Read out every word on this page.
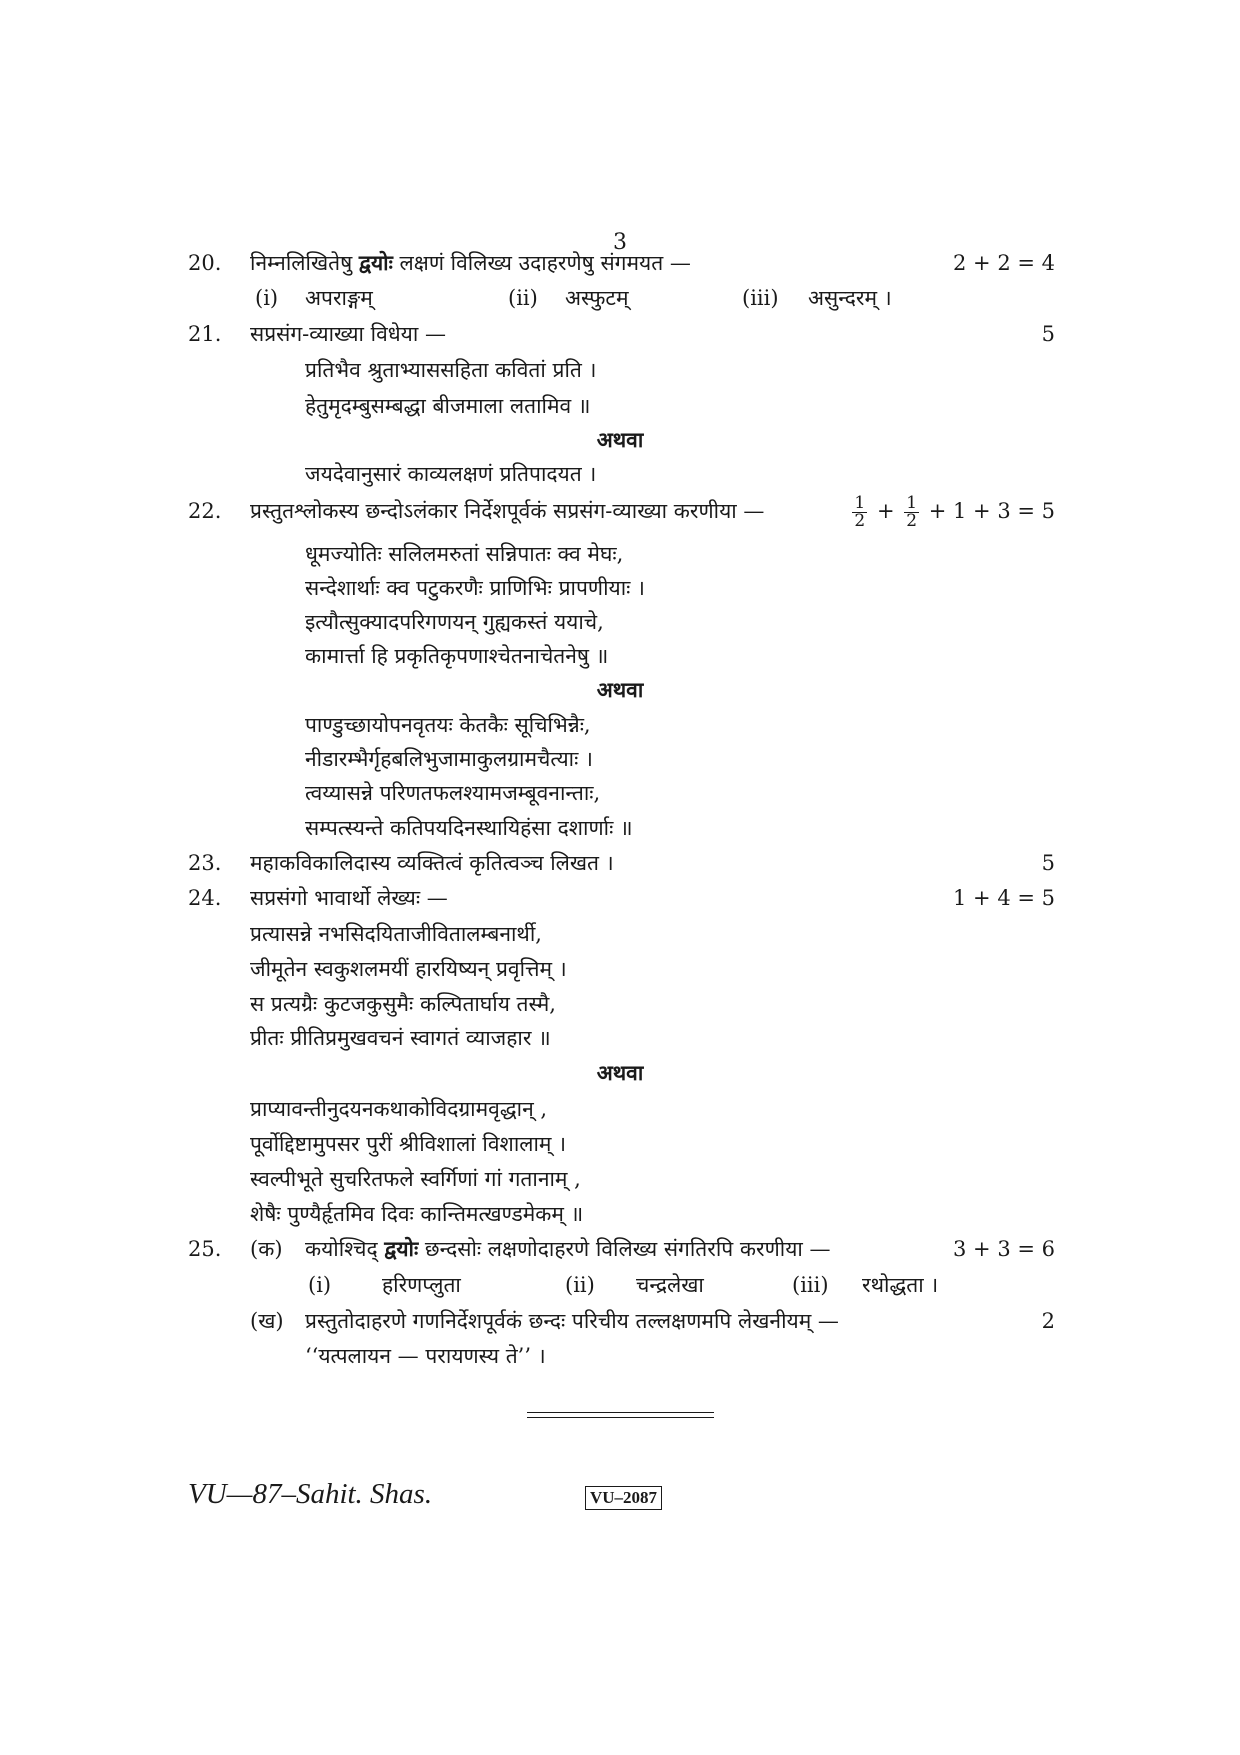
3
20. निम्नलिखितेषु द्वयोः लक्षणं विलिख्य उदाहरणेषु संगमयत —	2 + 2 = 4
(i) अपराङ्गम्	(ii) अस्फुटम्	(iii) असुन्दरम् ।
21. सप्रसंग-व्याख्या विधेया —	5
प्रतिभैव श्रुताभ्याससहिता कवितां प्रति ।
हेतुमृदम्बुसम्बद्धा बीजमाला लतामिव ॥
अथवा
जयदेवानुसारं काव्यलक्षणं प्रतिपादयत ।
22. प्रस्तुतश्लोकस्य छन्दोऽलंकार निर्देशपूर्वकं सप्रसंग-व्याख्या करणीया —	$\frac{1}{2} + \frac{1}{2} + 1 + 3 = 5$
धूमज्योतिः सलिलमरुतां सन्निपातः क्व मेघः,
सन्देशार्थाः क्व पटुकरणैः प्राणिभिः प्रापणीयाः ।
इत्यौत्सुक्यादपरिगणयन् गुह्यकस्तं ययाचे,
कामार्त्ता हि प्रकृतिकृपणाश्चेतनाचेतनेषु ॥
अथवा
पाण्डुच्छायोपनवृतयः केतकैः सूचिभिन्नैः,
नीडारम्भैर्गृहबलिभुजामाकुलग्रामचैत्याः ।
त्वय्यासन्ने परिणतफलश्यामजम्बूवनान्ताः,
सम्पत्स्यन्ते कतिपयदिनस्थायिहंसा दशार्णाः ॥
23. महाकविकालिदास्य व्यक्तित्वं कृतित्वञ्च लिखत ।	5
24. सप्रसंगो भावार्थो लेख्यः —	1 + 4 = 5
प्रत्यासन्ने नभसिदयिताजीवितालम्बनार्थी,
जीमूतेन स्वकुशलमयीं हारयिष्यन् प्रवृत्तिम् ।
स प्रत्यग्रैः कुटजकुसुमैः कल्पितार्घाय तस्मै,
प्रीतः प्रीतिप्रमुखवचनं स्वागतं व्याजहार ॥
अथवा
प्राप्यावन्तीनुदयनकथाकोविदग्रामवृद्धान् ,
पूर्वोद्दिष्टामुपसर पुरीं श्रीविशालां विशालाम् ।
स्वल्पीभूते सुचरितफले स्वर्गिणां गां गतानाम् ,
शेषैः पुण्यैर्हृतमिव दिवः कान्तिमत्खण्डमेकम् ॥
25. (क) कयोश्चिद् द्वयोः छन्दसोः लक्षणोदाहरणे विलिख्य संगतिरपि करणीया —	3 + 3 = 6
(i) हरिणप्लुता	(ii) चन्द्रलेखा	(iii) रथोद्धता ।
(ख) प्रस्तुतोदाहरणे गणनिर्देशपूर्वकं छन्दः परिचीय तल्लक्षणमपि लेखनीयम् —	2
‘‘यत्पलायन — परायणस्य ते’’ ।
VU—87–Sahit. Shas.	VU–2087
